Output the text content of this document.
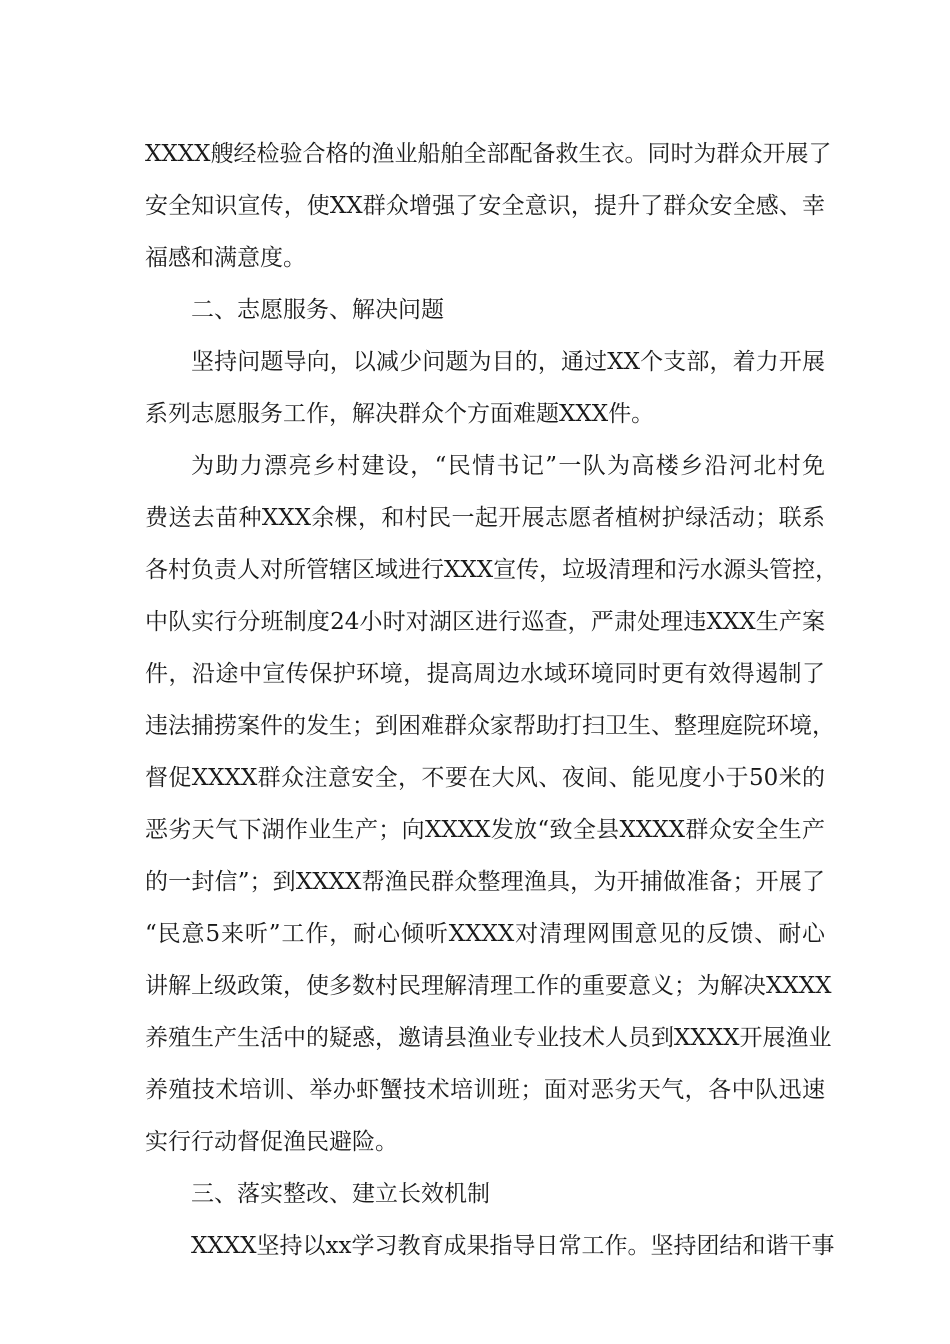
XXXX艘经检验合格的渔业船舶全部配备救生衣。同时为群众开展了
安全知识宣传，使XX群众增强了安全意识，提升了群众安全感、幸
福感和满意度。
二、志愿服务、解决问题
坚持问题导向，以减少问题为目的，通过XX个支部，着力开展
系列志愿服务工作，解决群众个方面难题XXX件。
为助力漂亮乡村建设，“民情书记”一队为高楼乡沿河北村免
费送去苗种XXX余棵，和村民一起开展志愿者植树护绿活动；联系
各村负责人对所管辖区域进行XXX宣传，垃圾清理和污水源头管控，
中队实行分班制度24小时对湖区进行巡查，严肃处理违XXX生产案
件，沿途中宣传保护环境，提高周边水域环境同时更有效得遏制了
违法捕捞案件的发生；到困难群众家帮助打扫卫生、整理庭院环境，
督促XXXX群众注意安全，不要在大风、夜间、能见度小于50米的
恶劣天气下湖作业生产；向XXXX发放“致全县XXXX群众安全生产
的一封信”；到XXXX帮渔民群众整理渔具，为开捕做准备；开展了
“民意5来听”工作，耐心倾听XXXX对清理网围意见的反馈、耐心
讲解上级政策，使多数村民理解清理工作的重要意义；为解决XXXX
养殖生产生活中的疑惑，邀请县渔业专业技术人员到XXXX开展渔业
养殖技术培训、举办虾蟹技术培训班；面对恶劣天气，各中队迅速
实行行动督促渔民避险。
三、落实整改、建立长效机制
XXXX坚持以xx学习教育成果指导日常工作。坚持团结和谐干事
